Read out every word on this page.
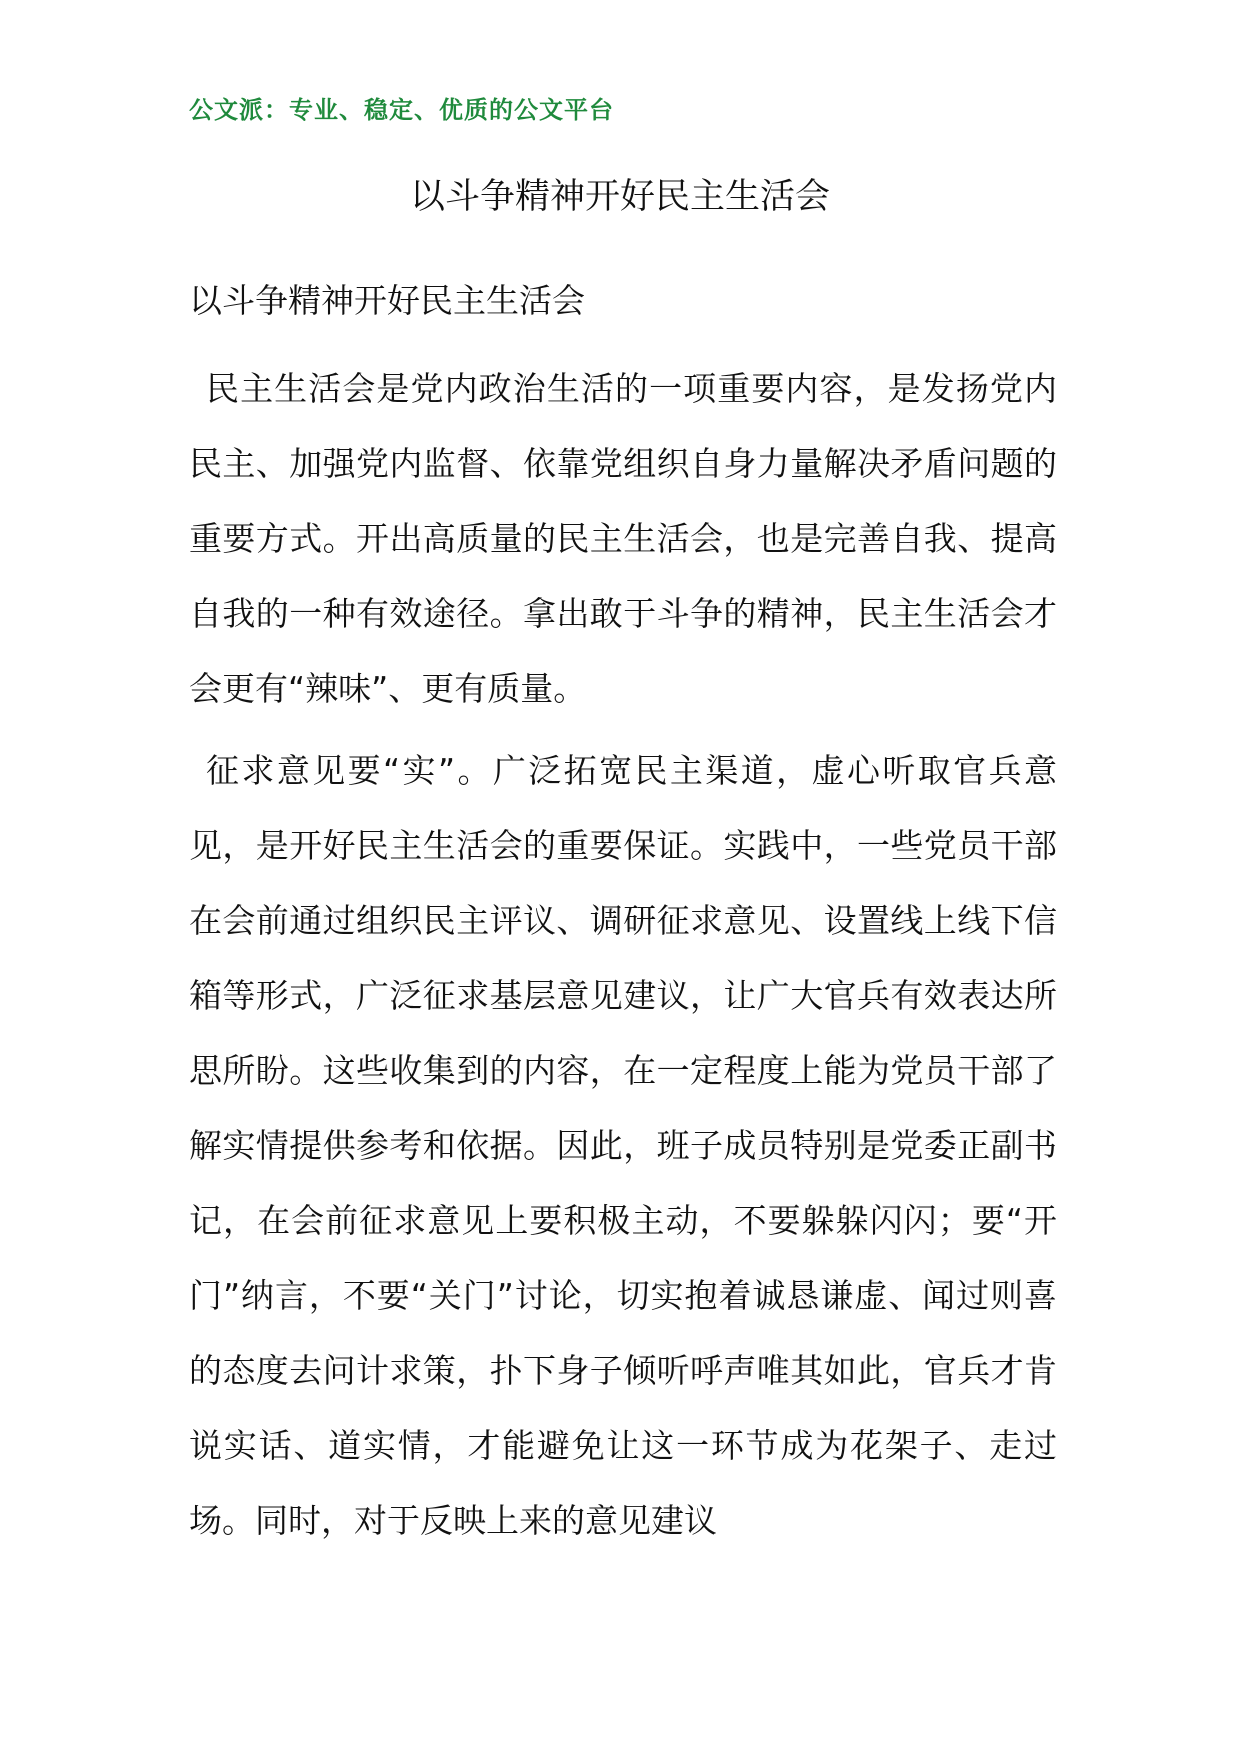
公文派：专业、稳定、优质的公文平台
以斗争精神开好民主生活会

以斗争精神开好民主生活会

民主生活会是党内政治生活的一项重要内容，是发扬党内民主、加强党内监督、依靠党组织自身力量解决矛盾问题的重要方式。开出高质量的民主生活会，也是完善自我、提高自我的一种有效途径。拿出敢于斗争的精神，民主生活会才会更有“辣味”、更有质量。

征求意见要“实”。广泛拓宽民主渠道，虚心听取官兵意见，是开好民主生活会的重要保证。实践中，一些党员干部在会前通过组织民主评议、调研征求意见、设置线上线下信箱等形式，广泛征求基层意见建议，让广大官兵有效表达所思所盼。这些收集到的内容，在一定程度上能为党员干部了解实情提供参考和依据。因此，班子成员特别是党委正副书记，在会前征求意见上要积极主动，不要躲躲闪闪；要“开门”纳言，不要“关门”讨论，切实抱着诚恳谦虚、闻过则喜的态度去问计求策，扑下身子倾听呼声唯其如此，官兵才肯说实话、道实情，才能避免让这一环节成为花架子、走过场。同时，对于反映上来的意见建议
